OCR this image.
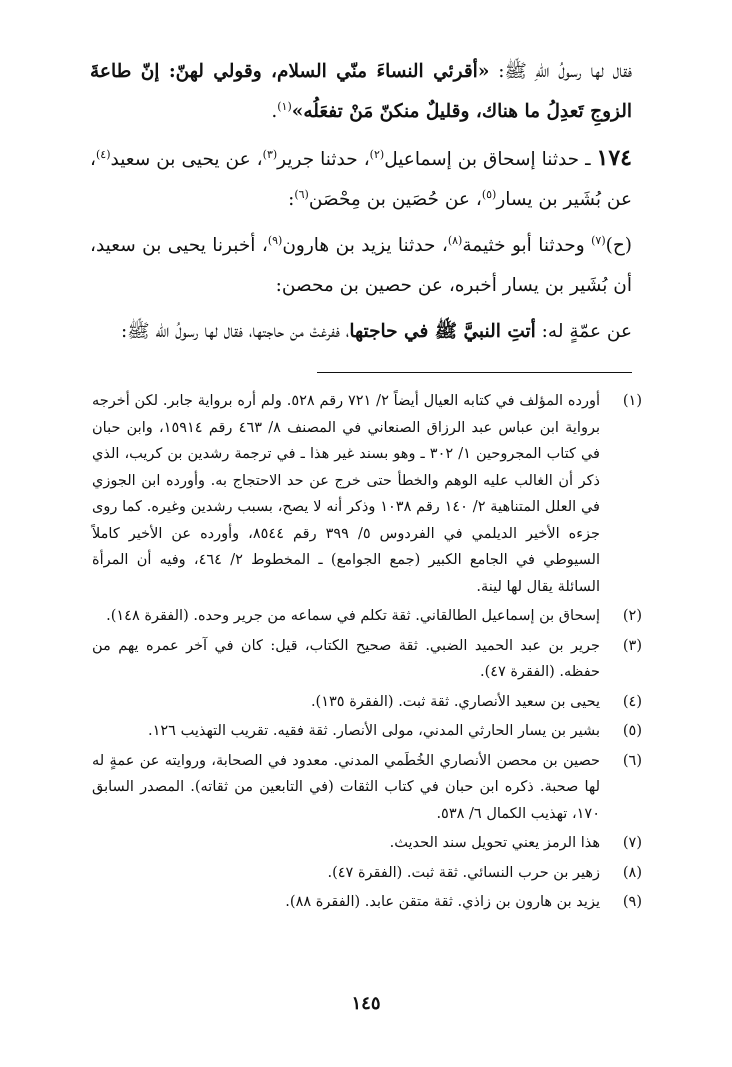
فقال لها رسولُ اللّٰهِ ﷺ: «أقرئي النساءَ منّي السلام، وقولي لهنّ: إنّ طاعةَ الزوجِ تَعدِلُ ما هناك، وقليلٌ منكنّ مَنْ تفعَلُه»$^{(١)}$.

١٧٤ ـ حدثنا إسحاق بن إسماعيل$^{(٢)}$، حدثنا جرير$^{(٣)}$، عن يحيى بن سعيد$^{(٤)}$، عن بُشَير بن يسار$^{(٥)}$، عن حُصَين بن مِحْصَن$^{(٦)}$:

(ح)$^{(٧)}$ وحدثنا أبو خثيمة$^{(٨)}$، حدثنا يزيد بن هارون$^{(٩)}$، أخبرنا يحيى بن سعيد، أن بُشَير بن يسار أخبره، عن حصين بن محصن:

عن عمّةٍ له: أتتِ النبيَّ ﷺ في حاجتها، ففرغتْ من حاجتها، فقال لها رسولُ الله ﷺ:

(١)
أورده المؤلف في كتابه العيال أيضاً ٢/ ٧٢١ رقم ٥٢٨. ولم أره برواية جابر. لكن أخرجه برواية ابن عباس عبد الرزاق الصنعاني في المصنف ٨/ ٤٦٣ رقم ١٥٩١٤، وابن حبان في كتاب المجروحين ١/ ٣٠٢ ـ وهو بسند غير هذا ـ في ترجمة رشدين بن كريب، الذي ذكر أن الغالب عليه الوهم والخطأ حتى خرج عن حد الاحتجاج به. وأورده ابن الجوزي في العلل المتناهية ٢/ ١٤٠ رقم ١٠٣٨ وذكر أنه لا يصح، بسبب رشدين وغيره. كما روى جزءه الأخير الديلمي في الفردوس ٥/ ٣٩٩ رقم ٨٥٤٤، وأورده عن الأخير كاملاً السيوطي في الجامع الكبير (جمع الجوامع) ـ المخطوط ٢/ ٤٦٤، وفيه أن المرأة السائلة يقال لها لينة.
(٢)
إسحاق بن إسماعيل الطالقاني. ثقة تكلم في سماعه من جرير وحده. (الفقرة ١٤٨).
(٣)
جرير بن عبد الحميد الضبي. ثقة صحيح الكتاب، قيل: كان في آخر عمره يهم من حفظه. (الفقرة ٤٧).
(٤)
يحيى بن سعيد الأنصاري. ثقة ثبت. (الفقرة ١٣٥).
(٥)
بشير بن يسار الحارثي المدني، مولى الأنصار. ثقة فقيه. تقريب التهذيب ١٢٦.
(٦)
حصين بن محصن الأنصاري الخُطَمي المدني. معدود في الصحابة، وروايته عن عمةٍ له لها صحبة. ذكره ابن حبان في كتاب الثقات (في التابعين من ثقاته). المصدر السابق ١٧٠، تهذيب الكمال ٦/ ٥٣٨.
(٧)
هذا الرمز يعني تحويل سند الحديث.
(٨)
زهير بن حرب النسائي. ثقة ثبت. (الفقرة ٤٧).
(٩)
يزيد بن هارون بن زاذي. ثقة متقن عابد. (الفقرة ٨٨).
١٤٥
